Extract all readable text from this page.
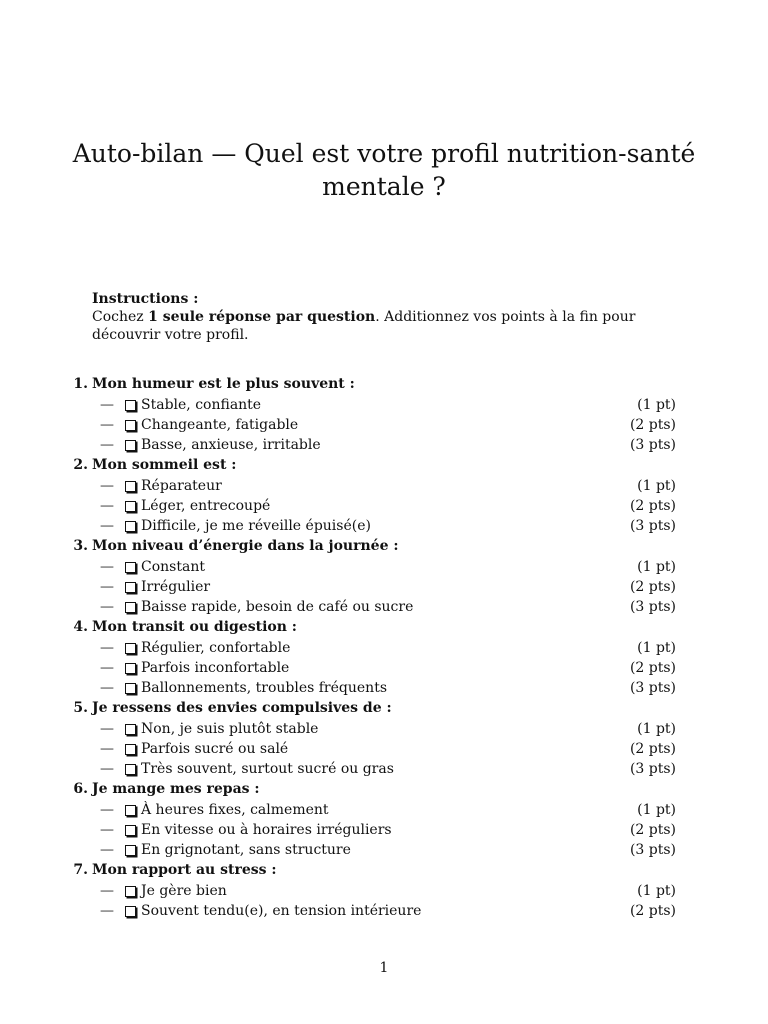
Auto-bilan — Quel est votre profil nutrition-santé mentale ?
Instructions :
Cochez 1 seule réponse par question. Additionnez vos points à la fin pour découvrir votre profil.
1. Mon humeur est le plus souvent :
— Stable, confiante	(1 pt)
— Changeante, fatigable	(2 pts)
— Basse, anxieuse, irritable	(3 pts)
2. Mon sommeil est :
— Réparateur	(1 pt)
— Léger, entrecoupé	(2 pts)
— Difficile, je me réveille épuisé(e)	(3 pts)
3. Mon niveau d’énergie dans la journée :
— Constant	(1 pt)
— Irrégulier	(2 pts)
— Baisse rapide, besoin de café ou sucre	(3 pts)
4. Mon transit ou digestion :
— Régulier, confortable	(1 pt)
— Parfois inconfortable	(2 pts)
— Ballonnements, troubles fréquents	(3 pts)
5. Je ressens des envies compulsives de :
— Non, je suis plutôt stable	(1 pt)
— Parfois sucré ou salé	(2 pts)
— Très souvent, surtout sucré ou gras	(3 pts)
6. Je mange mes repas :
— À heures fixes, calmement	(1 pt)
— En vitesse ou à horaires irréguliers	(2 pts)
— En grignotant, sans structure	(3 pts)
7. Mon rapport au stress :
— Je gère bien	(1 pt)
— Souvent tendu(e), en tension intérieure	(2 pts)
1
